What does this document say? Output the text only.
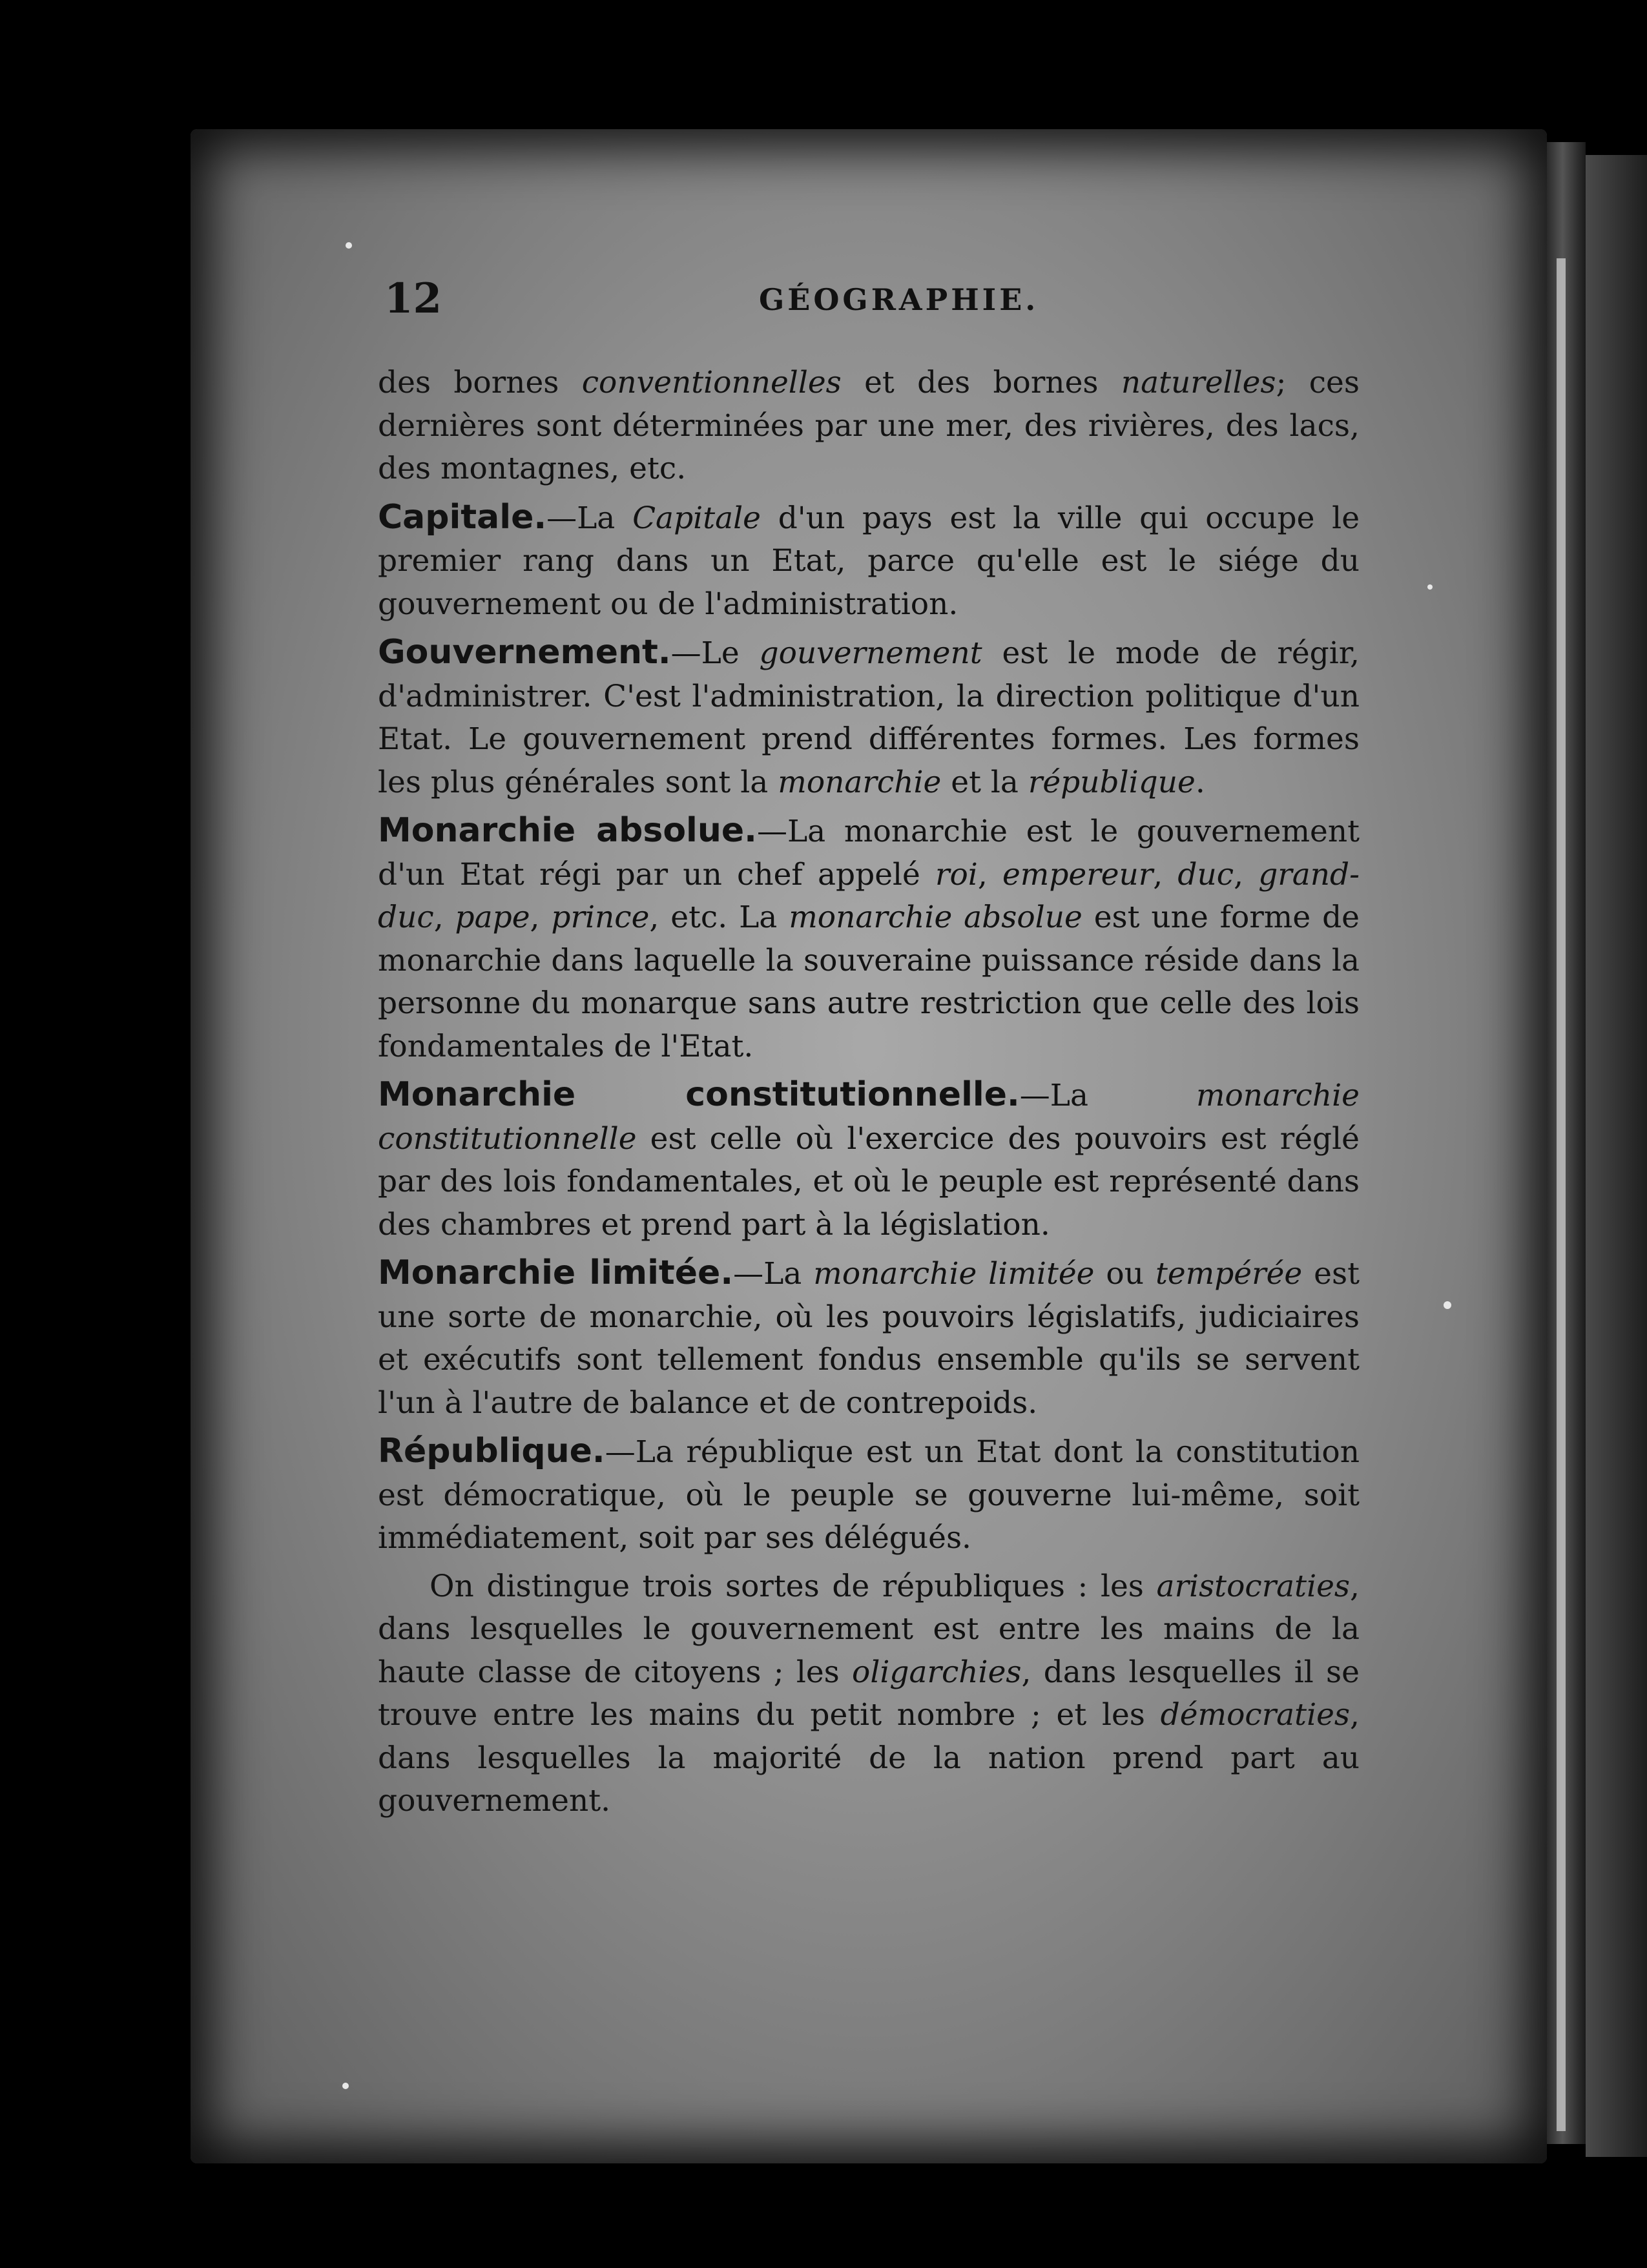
12	GÉOGRAPHIE.

des bornes conventionnelles et des bornes naturelles; ces dernières sont déterminées par une mer, des rivières, des lacs, des montagnes, etc.

Capitale.—La Capitale d'un pays est la ville qui occupe le premier rang dans un Etat, parce qu'elle est le siége du gouvernement ou de l'administration.

Gouvernement.—Le gouvernement est le mode de régir, d'administrer. C'est l'administration, la direction politique d'un Etat. Le gouvernement prend différentes formes. Les formes les plus générales sont la monarchie et la république.

Monarchie absolue.—La monarchie est le gouvernement d'un Etat régi par un chef appelé roi, empereur, duc, grand-duc, pape, prince, etc. La monarchie absolue est une forme de monarchie dans laquelle la souveraine puissance réside dans la personne du monarque sans autre restriction que celle des lois fondamentales de l'Etat.

Monarchie constitutionnelle.—La monarchie constitutionnelle est celle où l'exercice des pouvoirs est réglé par des lois fondamentales, et où le peuple est représenté dans des chambres et prend part à la législation.

Monarchie limitée.—La monarchie limitée ou tempérée est une sorte de monarchie, où les pouvoirs législatifs, judiciaires et exécutifs sont tellement fondus ensemble qu'ils se servent l'un à l'autre de balance et de contrepoids.

République.—La république est un Etat dont la constitution est démocratique, où le peuple se gouverne lui-même, soit immédiatement, soit par ses délégués.

On distingue trois sortes de républiques : les aristocraties, dans lesquelles le gouvernement est entre les mains de la haute classe de citoyens ; les oligarchies, dans lesquelles il se trouve entre les mains du petit nombre ; et les démocraties, dans lesquelles la majorité de la nation prend part au gouvernement.
